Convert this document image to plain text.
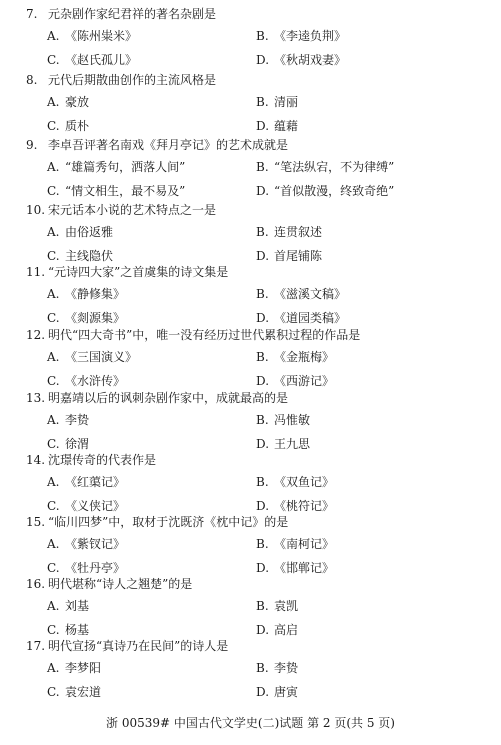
7. 元杂剧作家纪君祥的著名杂剧是
A. 《陈州粜米》	B. 《李逵负荆》
C. 《赵氏孤儿》	D. 《秋胡戏妻》
8. 元代后期散曲创作的主流风格是
A. 豪放	B. 清丽
C. 质朴	D. 蕴藉
9. 李卓吾评著名南戏《拜月亭记》的艺术成就是
A. “雄篇秀句，洒落人间”	B. “笔法纵宕，不为律缚”
C. “情文相生，最不易及”	D. “首似散漫，终致奇绝”
10. 宋元话本小说的艺术特点之一是
A. 由俗返雅	B. 连贯叙述
C. 主线隐伏	D. 首尾铺陈
11. “元诗四大家”之首虞集的诗文集是
A. 《静修集》	B. 《滋溪文稿》
C. 《剡源集》	D. 《道园类稿》
12. 明代“四大奇书”中，唯一没有经历过世代累积过程的作品是
A. 《三国演义》	B. 《金瓶梅》
C. 《水浒传》	D. 《西游记》
13. 明嘉靖以后的讽刺杂剧作家中，成就最高的是
A. 李贽	B. 冯惟敏
C. 徐渭	D. 王九思
14. 沈璟传奇的代表作是
A. 《红蕖记》	B. 《双鱼记》
C. 《义侠记》	D. 《桃符记》
15. “临川四梦”中，取材于沈既济《枕中记》的是
A. 《紫钗记》	B. 《南柯记》
C. 《牡丹亭》	D. 《邯郸记》
16. 明代堪称“诗人之翘楚”的是
A. 刘基	B. 袁凯
C. 杨基	D. 高启
17. 明代宣扬“真诗乃在民间”的诗人是
A. 李梦阳	B. 李贽
C. 袁宏道	D. 唐寅
浙 00539# 中国古代文学史(二)试题 第 2 页(共 5 页)
